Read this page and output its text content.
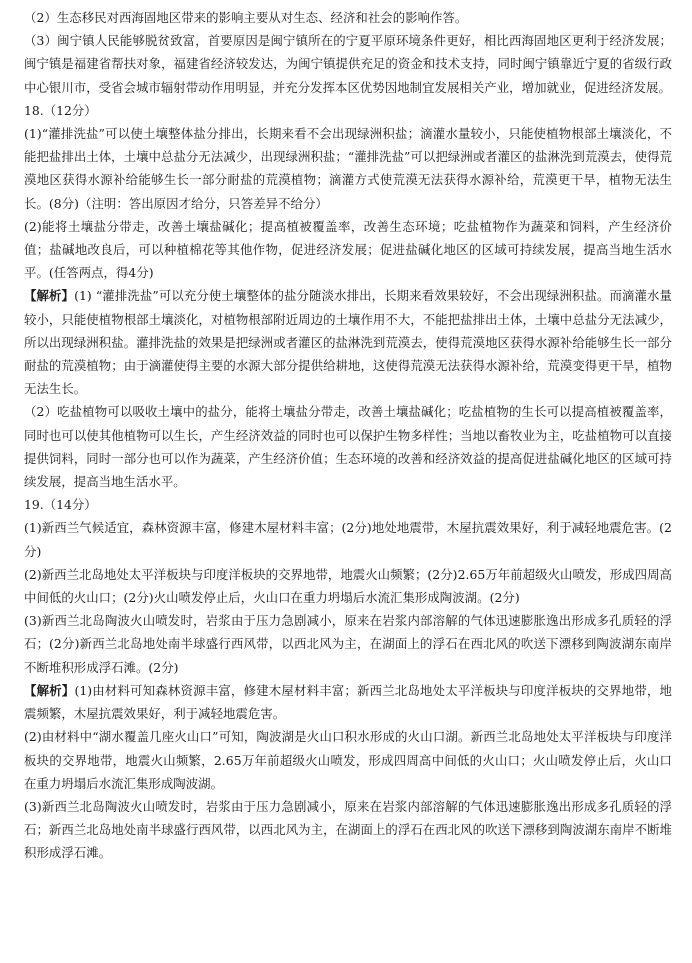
（2）生态移民对西海固地区带来的影响主要从对生态、经济和社会的影响作答。

（3）闽宁镇人民能够脱贫致富，首要原因是闽宁镇所在的宁夏平原环境条件更好，相比西海固地区更利于经济发展；闽宁镇是福建省帮扶对象，福建省经济较发达，为闽宁镇提供充足的资金和技术支持，同时闽宁镇靠近宁夏的省级行政中心银川市，受省会城市辐射带动作用明显，并充分发挥本区优势因地制宜发展相关产业，增加就业，促进经济发展。

18.（12分）

(1)“灌排洗盐”可以使土壤整体盐分排出，长期来看不会出现绿洲积盐；滴灌水量较小，只能使植物根部土壤淡化，不能把盐排出土体，土壤中总盐分无法减少，出现绿洲积盐；“灌排洗盐”可以把绿洲或者灌区的盐淋洗到荒漠去，使得荒漠地区获得水源补给能够生长一部分耐盐的荒漠植物；滴灌方式使荒漠无法获得水源补给，荒漠更干旱，植物无法生长。(8分)（注明：答出原因才给分，只答差异不给分）

(2)能将土壤盐分带走，改善土壤盐碱化；提高植被覆盖率，改善生态环境；吃盐植物作为蔬菜和饲料，产生经济价值；盐碱地改良后，可以种植棉花等其他作物，促进经济发展；促进盐碱化地区的区域可持续发展，提高当地生活水平。(任答两点，得4分)

【解析】(1) “灌排洗盐”可以充分使土壤整体的盐分随淡水排出，长期来看效果较好，不会出现绿洲积盐。而滴灌水量较小，只能使植物根部土壤淡化，对植物根部附近周边的土壤作用不大，不能把盐排出土体，土壤中总盐分无法减少，所以出现绿洲积盐。灌排洗盐的效果是把绿洲或者灌区的盐淋洗到荒漠去，使得荒漠地区获得水源补给能够生长一部分耐盐的荒漠植物；由于滴灌使得主要的水源大部分提供给耕地，这使得荒漠无法获得水源补给，荒漠变得更干旱，植物无法生长。

（2）吃盐植物可以吸收土壤中的盐分，能将土壤盐分带走，改善土壤盐碱化；吃盐植物的生长可以提高植被覆盖率，同时也可以使其他植物可以生长，产生经济效益的同时也可以保护生物多样性；当地以畜牧业为主，吃盐植物可以直接提供饲料，同时一部分也可以作为蔬菜，产生经济价值；生态环境的改善和经济效益的提高促进盐碱化地区的区域可持续发展，提高当地生活水平。

19.（14分）

(1)新西兰气候适宜，森林资源丰富，修建木屋材料丰富；(2分)地处地震带，木屋抗震效果好，利于减轻地震危害。(2分)

(2)新西兰北岛地处太平洋板块与印度洋板块的交界地带，地震火山频繁；(2分)2.65万年前超级火山喷发，形成四周高中间低的火山口；(2分)火山喷发停止后，火山口在重力坍塌后水流汇集形成陶波湖。(2分)

(3)新西兰北岛陶波火山喷发时，岩浆由于压力急剧减小，原来在岩浆内部溶解的气体迅速膨胀逸出形成多孔质轻的浮石；(2分)新西兰北岛地处南半球盛行西风带，以西北风为主，在湖面上的浮石在西北风的吹送下漂移到陶波湖东南岸不断堆积形成浮石滩。(2分)

【解析】(1)由材料可知森林资源丰富，修建木屋材料丰富；新西兰北岛地处太平洋板块与印度洋板块的交界地带，地震频繁，木屋抗震效果好，利于减轻地震危害。

(2)由材料中“湖水覆盖几座火山口”可知，陶波湖是火山口积水形成的火山口湖。新西兰北岛地处太平洋板块与印度洋板块的交界地带，地震火山频繁，2.65万年前超级火山喷发，形成四周高中间低的火山口；火山喷发停止后，火山口在重力坍塌后水流汇集形成陶波湖。

(3)新西兰北岛陶波火山喷发时，岩浆由于压力急剧减小，原来在岩浆内部溶解的气体迅速膨胀逸出形成多孔质轻的浮石；新西兰北岛地处南半球盛行西风带，以西北风为主，在湖面上的浮石在西北风的吹送下漂移到陶波湖东南岸不断堆积形成浮石滩。
